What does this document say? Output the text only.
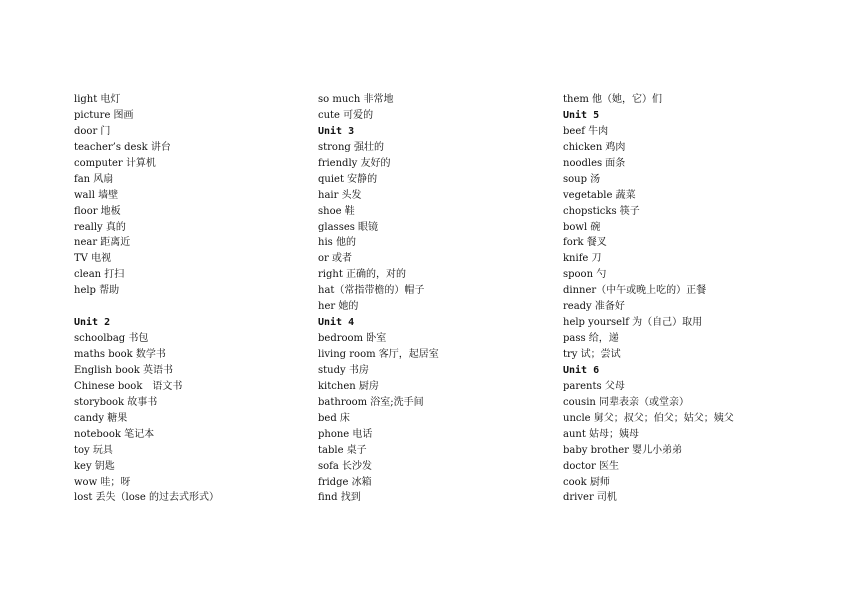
light 电灯
picture 图画
door 门
teacher’s desk 讲台
computer 计算机
fan 风扇
wall 墙壁
floor 地板
really 真的
near 距离近
TV 电视
clean 打扫
help 帮助
Unit 2
schoolbag 书包
maths book 数学书
English book 英语书
Chinese book　语文书
storybook 故事书
candy 糖果
notebook 笔记本
toy 玩具
key 钥匙
wow 哇；呀
lost 丢失（lose 的过去式形式）
so much 非常地
cute 可爱的
Unit 3
strong 强壮的
friendly 友好的
quiet 安静的
hair 头发
shoe 鞋
glasses 眼镜
his 他的
or 或者
right 正确的，对的
hat（常指带檐的）帽子
her 她的
Unit 4
bedroom 卧室
living room 客厅，起居室
study 书房
kitchen 厨房
bathroom 浴室;洗手间
bed 床
phone 电话
table 桌子
sofa 长沙发
fridge 冰箱
find 找到
them 他（她，它）们
Unit 5
beef 牛肉
chicken 鸡肉
noodles 面条
soup 汤
vegetable 蔬菜
chopsticks 筷子
bowl 碗
fork 餐叉
knife 刀
spoon 勺
dinner（中午或晚上吃的）正餐
ready 准备好
help yourself 为（自己）取用
pass 给，递
try 试；尝试
Unit 6
parents 父母
cousin 同辈表亲（或堂亲）
uncle 舅父；叔父；伯父；姑父；姨父
aunt 姑母；姨母
baby brother 婴儿小弟弟
doctor 医生
cook 厨师
driver 司机
